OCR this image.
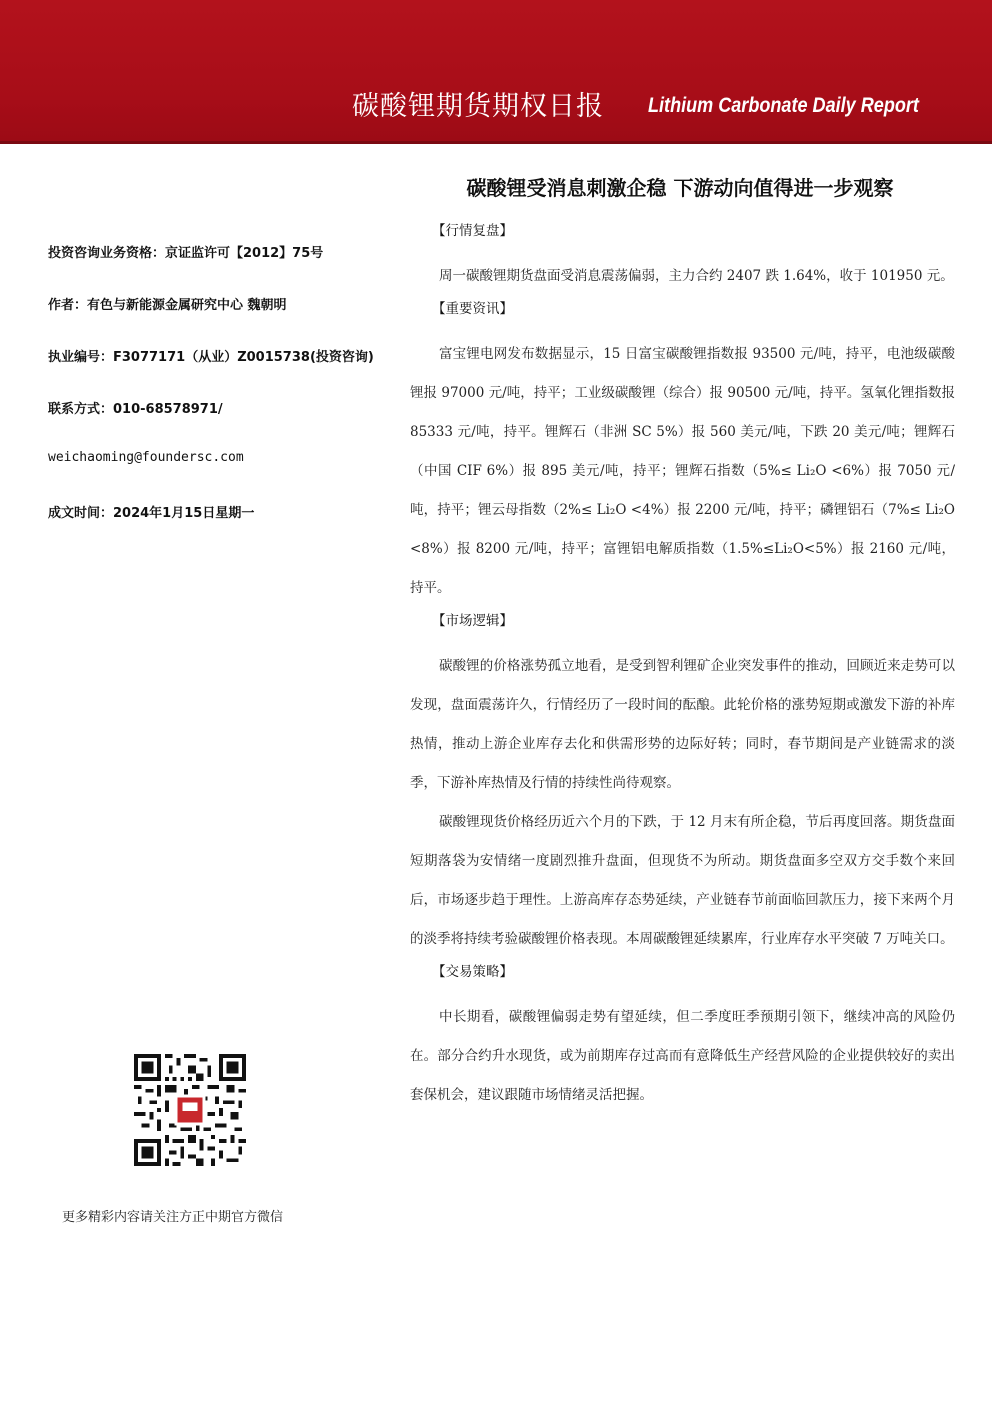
碳酸锂期货期权日报 Lithium Carbonate Daily Report
碳酸锂受消息刺激企稳 下游动向值得进一步观察
投资咨询业务资格：京证监许可【2012】75号
作者：有色与新能源金属研究中心 魏朝明
执业编号：F3077171（从业）Z0015738(投资咨询)
联系方式：010-68578971/
weichaoming@foundersc.com
成文时间：2024年1月15日星期一
更多精彩内容请关注方正中期官方微信
【行情复盘】
周一碳酸锂期货盘面受消息震荡偏弱，主力合约 2407 跌 1.64%，收于 101950 元。
【重要资讯】
富宝锂电网发布数据显示，15 日富宝碳酸锂指数报 93500 元/吨，持平，电池级碳酸锂报 97000 元/吨，持平；工业级碳酸锂（综合）报 90500 元/吨，持平。氢氧化锂指数报 85333 元/吨，持平。锂辉石（非洲 SC 5%）报 560 美元/吨，下跌 20 美元/吨；锂辉石（中国 CIF 6%）报 895 美元/吨，持平；锂辉石指数（5%≤ Li₂O <6%）报 7050 元/吨，持平；锂云母指数（2%≤ Li₂O <4%）报 2200 元/吨，持平；磷锂铝石（7%≤ Li₂O <8%）报 8200 元/吨，持平；富锂铝电解质指数（1.5%≤Li₂O<5%）报 2160 元/吨，持平。
【市场逻辑】
碳酸锂的价格涨势孤立地看，是受到智利锂矿企业突发事件的推动，回顾近来走势可以发现，盘面震荡许久，行情经历了一段时间的酝酿。此轮价格的涨势短期或激发下游的补库热情，推动上游企业库存去化和供需形势的边际好转；同时，春节期间是产业链需求的淡季，下游补库热情及行情的持续性尚待观察。
碳酸锂现货价格经历近六个月的下跌，于 12 月末有所企稳，节后再度回落。期货盘面短期落袋为安情绪一度剧烈推升盘面，但现货不为所动。期货盘面多空双方交手数个来回后，市场逐步趋于理性。上游高库存态势延续，产业链春节前面临回款压力，接下来两个月的淡季将持续考验碳酸锂价格表现。本周碳酸锂延续累库，行业库存水平突破 7 万吨关口。
【交易策略】
中长期看，碳酸锂偏弱走势有望延续，但二季度旺季预期引领下，继续冲高的风险仍在。部分合约升水现货，或为前期库存过高而有意降低生产经营风险的企业提供较好的卖出套保机会，建议跟随市场情绪灵活把握。
